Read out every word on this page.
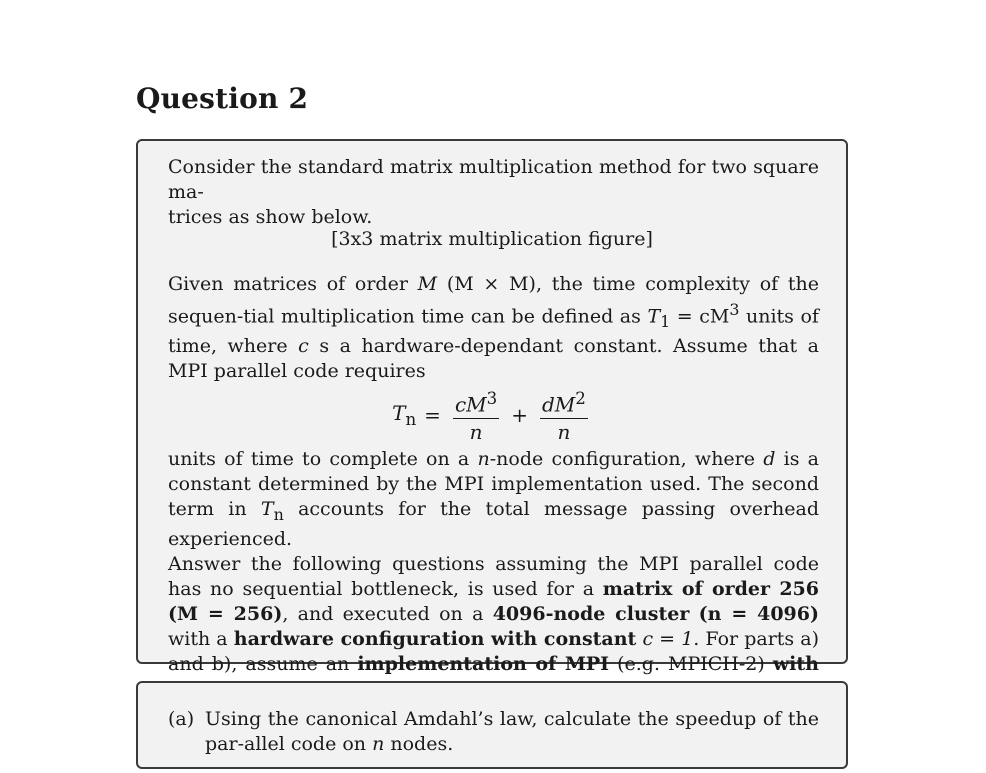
Question 2
Consider the standard matrix multiplication method for two square ma-
trices as show below.
[3x3 matrix multiplication figure]
Given matrices of order M (M × M), the time complexity of the sequen-tial multiplication time can be defined as $T_1 = cM^3$ units of time, where c s a hardware-dependant constant. Assume that a MPI parallel code requires
$T_n = \frac{cM^3}{n} + \frac{dM^2}{n}$
units of time to complete on a n-node configuration, where d is a constant determined by the MPI implementation used. The second term in $T_n$ accounts for the total message passing overhead experienced.
Answer the following questions assuming the MPI parallel code has no sequential bottleneck, is used for a matrix of order 256 (M = 256), and executed on a 4096-node cluster (n = 4096) with a hardware configuration with constant c = 1. For parts a) and b), assume an implementation of MPI (e.g. MPICH-2) with
(a) Using the canonical Amdahl’s law, calculate the speedup of the par-allel code on n nodes.
